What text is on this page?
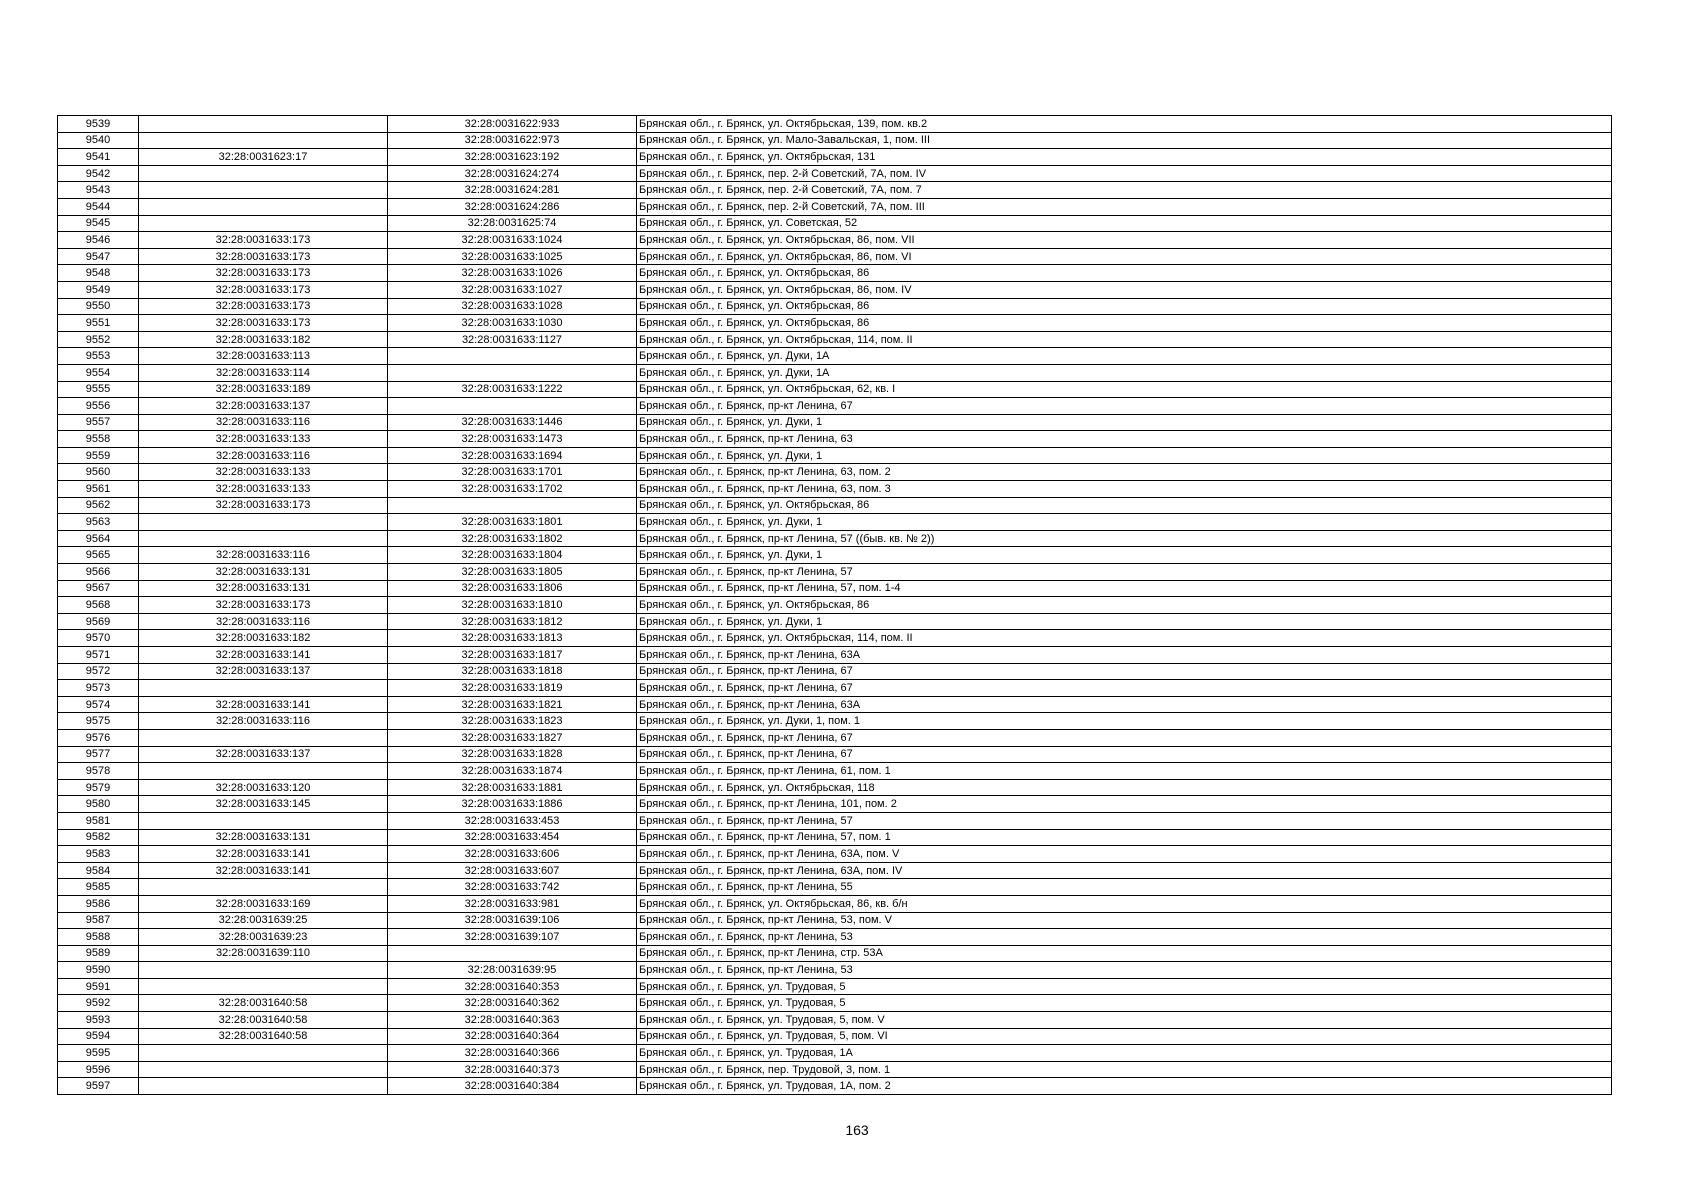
9539		32:28:0031622:933	Брянская обл., г. Брянск, ул. Октябрьская, 139, пом. кв.2
9540		32:28:0031622:973	Брянская обл., г. Брянск, ул. Мало-Завальская, 1, пом. III
9541	32:28:0031623:17	32:28:0031623:192	Брянская обл., г. Брянск, ул. Октябрьская, 131
9542		32:28:0031624:274	Брянская обл., г. Брянск, пер. 2-й Советский, 7А, пом. IV
9543		32:28:0031624:281	Брянская обл., г. Брянск, пер. 2-й Советский, 7А, пом. 7
9544		32:28:0031624:286	Брянская обл., г. Брянск, пер. 2-й Советский, 7А, пом. III
9545		32:28:0031625:74	Брянская обл., г. Брянск, ул. Советская, 52
9546	32:28:0031633:173	32:28:0031633:1024	Брянская обл., г. Брянск, ул. Октябрьская, 86, пом. VII
9547	32:28:0031633:173	32:28:0031633:1025	Брянская обл., г. Брянск, ул. Октябрьская, 86, пом. VI
9548	32:28:0031633:173	32:28:0031633:1026	Брянская обл., г. Брянск, ул. Октябрьская, 86
9549	32:28:0031633:173	32:28:0031633:1027	Брянская обл., г. Брянск, ул. Октябрьская, 86, пом. IV
9550	32:28:0031633:173	32:28:0031633:1028	Брянская обл., г. Брянск, ул. Октябрьская, 86
9551	32:28:0031633:173	32:28:0031633:1030	Брянская обл., г. Брянск, ул. Октябрьская, 86
9552	32:28:0031633:182	32:28:0031633:1127	Брянская обл., г. Брянск, ул. Октябрьская, 114, пом. II
9553	32:28:0031633:113		Брянская обл., г. Брянск, ул. Дуки, 1А
9554	32:28:0031633:114		Брянская обл., г. Брянск, ул. Дуки, 1А
9555	32:28:0031633:189	32:28:0031633:1222	Брянская обл., г. Брянск, ул. Октябрьская, 62, кв. I
9556	32:28:0031633:137		Брянская обл., г. Брянск, пр-кт Ленина, 67
9557	32:28:0031633:116	32:28:0031633:1446	Брянская обл., г. Брянск, ул. Дуки, 1
9558	32:28:0031633:133	32:28:0031633:1473	Брянская обл., г. Брянск, пр-кт Ленина, 63
9559	32:28:0031633:116	32:28:0031633:1694	Брянская обл., г. Брянск, ул. Дуки, 1
9560	32:28:0031633:133	32:28:0031633:1701	Брянская обл., г. Брянск, пр-кт Ленина, 63, пом. 2
9561	32:28:0031633:133	32:28:0031633:1702	Брянская обл., г. Брянск, пр-кт Ленина, 63, пом. 3
9562	32:28:0031633:173		Брянская обл., г. Брянск, ул. Октябрьская, 86
9563		32:28:0031633:1801	Брянская обл., г. Брянск, ул. Дуки, 1
9564		32:28:0031633:1802	Брянская обл., г. Брянск, пр-кт Ленина, 57 ((быв. кв. № 2))
9565	32:28:0031633:116	32:28:0031633:1804	Брянская обл., г. Брянск, ул. Дуки, 1
9566	32:28:0031633:131	32:28:0031633:1805	Брянская обл., г. Брянск, пр-кт Ленина, 57
9567	32:28:0031633:131	32:28:0031633:1806	Брянская обл., г. Брянск, пр-кт Ленина, 57, пом. 1-4
9568	32:28:0031633:173	32:28:0031633:1810	Брянская обл., г. Брянск, ул. Октябрьская, 86
9569	32:28:0031633:116	32:28:0031633:1812	Брянская обл., г. Брянск, ул. Дуки, 1
9570	32:28:0031633:182	32:28:0031633:1813	Брянская обл., г. Брянск, ул. Октябрьская, 114, пом. II
9571	32:28:0031633:141	32:28:0031633:1817	Брянская обл., г. Брянск, пр-кт Ленина, 63А
9572	32:28:0031633:137	32:28:0031633:1818	Брянская обл., г. Брянск, пр-кт Ленина, 67
9573		32:28:0031633:1819	Брянская обл., г. Брянск, пр-кт Ленина, 67
9574	32:28:0031633:141	32:28:0031633:1821	Брянская обл., г. Брянск, пр-кт Ленина, 63А
9575	32:28:0031633:116	32:28:0031633:1823	Брянская обл., г. Брянск, ул. Дуки, 1, пом. 1
9576		32:28:0031633:1827	Брянская обл., г. Брянск, пр-кт Ленина, 67
9577	32:28:0031633:137	32:28:0031633:1828	Брянская обл., г. Брянск, пр-кт Ленина, 67
9578		32:28:0031633:1874	Брянская обл., г. Брянск, пр-кт Ленина, 61, пом. 1
9579	32:28:0031633:120	32:28:0031633:1881	Брянская обл., г. Брянск, ул. Октябрьская, 118
9580	32:28:0031633:145	32:28:0031633:1886	Брянская обл., г. Брянск, пр-кт Ленина, 101, пом. 2
9581		32:28:0031633:453	Брянская обл., г. Брянск, пр-кт Ленина, 57
9582	32:28:0031633:131	32:28:0031633:454	Брянская обл., г. Брянск, пр-кт Ленина, 57, пом. 1
9583	32:28:0031633:141	32:28:0031633:606	Брянская обл., г. Брянск, пр-кт Ленина, 63А, пом. V
9584	32:28:0031633:141	32:28:0031633:607	Брянская обл., г. Брянск, пр-кт Ленина, 63А, пом. IV
9585		32:28:0031633:742	Брянская обл., г. Брянск, пр-кт Ленина, 55
9586	32:28:0031633:169	32:28:0031633:981	Брянская обл., г. Брянск, ул. Октябрьская, 86, кв. б/н
9587	32:28:0031639:25	32:28:0031639:106	Брянская обл., г. Брянск, пр-кт Ленина, 53, пом. V
9588	32:28:0031639:23	32:28:0031639:107	Брянская обл., г. Брянск, пр-кт Ленина, 53
9589	32:28:0031639:110		Брянская обл., г. Брянск, пр-кт Ленина, стр. 53А
9590		32:28:0031639:95	Брянская обл., г. Брянск, пр-кт Ленина, 53
9591		32:28:0031640:353	Брянская обл., г. Брянск, ул. Трудовая, 5
9592	32:28:0031640:58	32:28:0031640:362	Брянская обл., г. Брянск, ул. Трудовая, 5
9593	32:28:0031640:58	32:28:0031640:363	Брянская обл., г. Брянск, ул. Трудовая, 5, пом. V
9594	32:28:0031640:58	32:28:0031640:364	Брянская обл., г. Брянск, ул. Трудовая, 5, пом. VI
9595		32:28:0031640:366	Брянская обл., г. Брянск, ул. Трудовая, 1А
9596		32:28:0031640:373	Брянская обл., г. Брянск, пер. Трудовой, 3, пом. 1
9597		32:28:0031640:384	Брянская обл., г. Брянск, ул. Трудовая, 1А, пом. 2
163
